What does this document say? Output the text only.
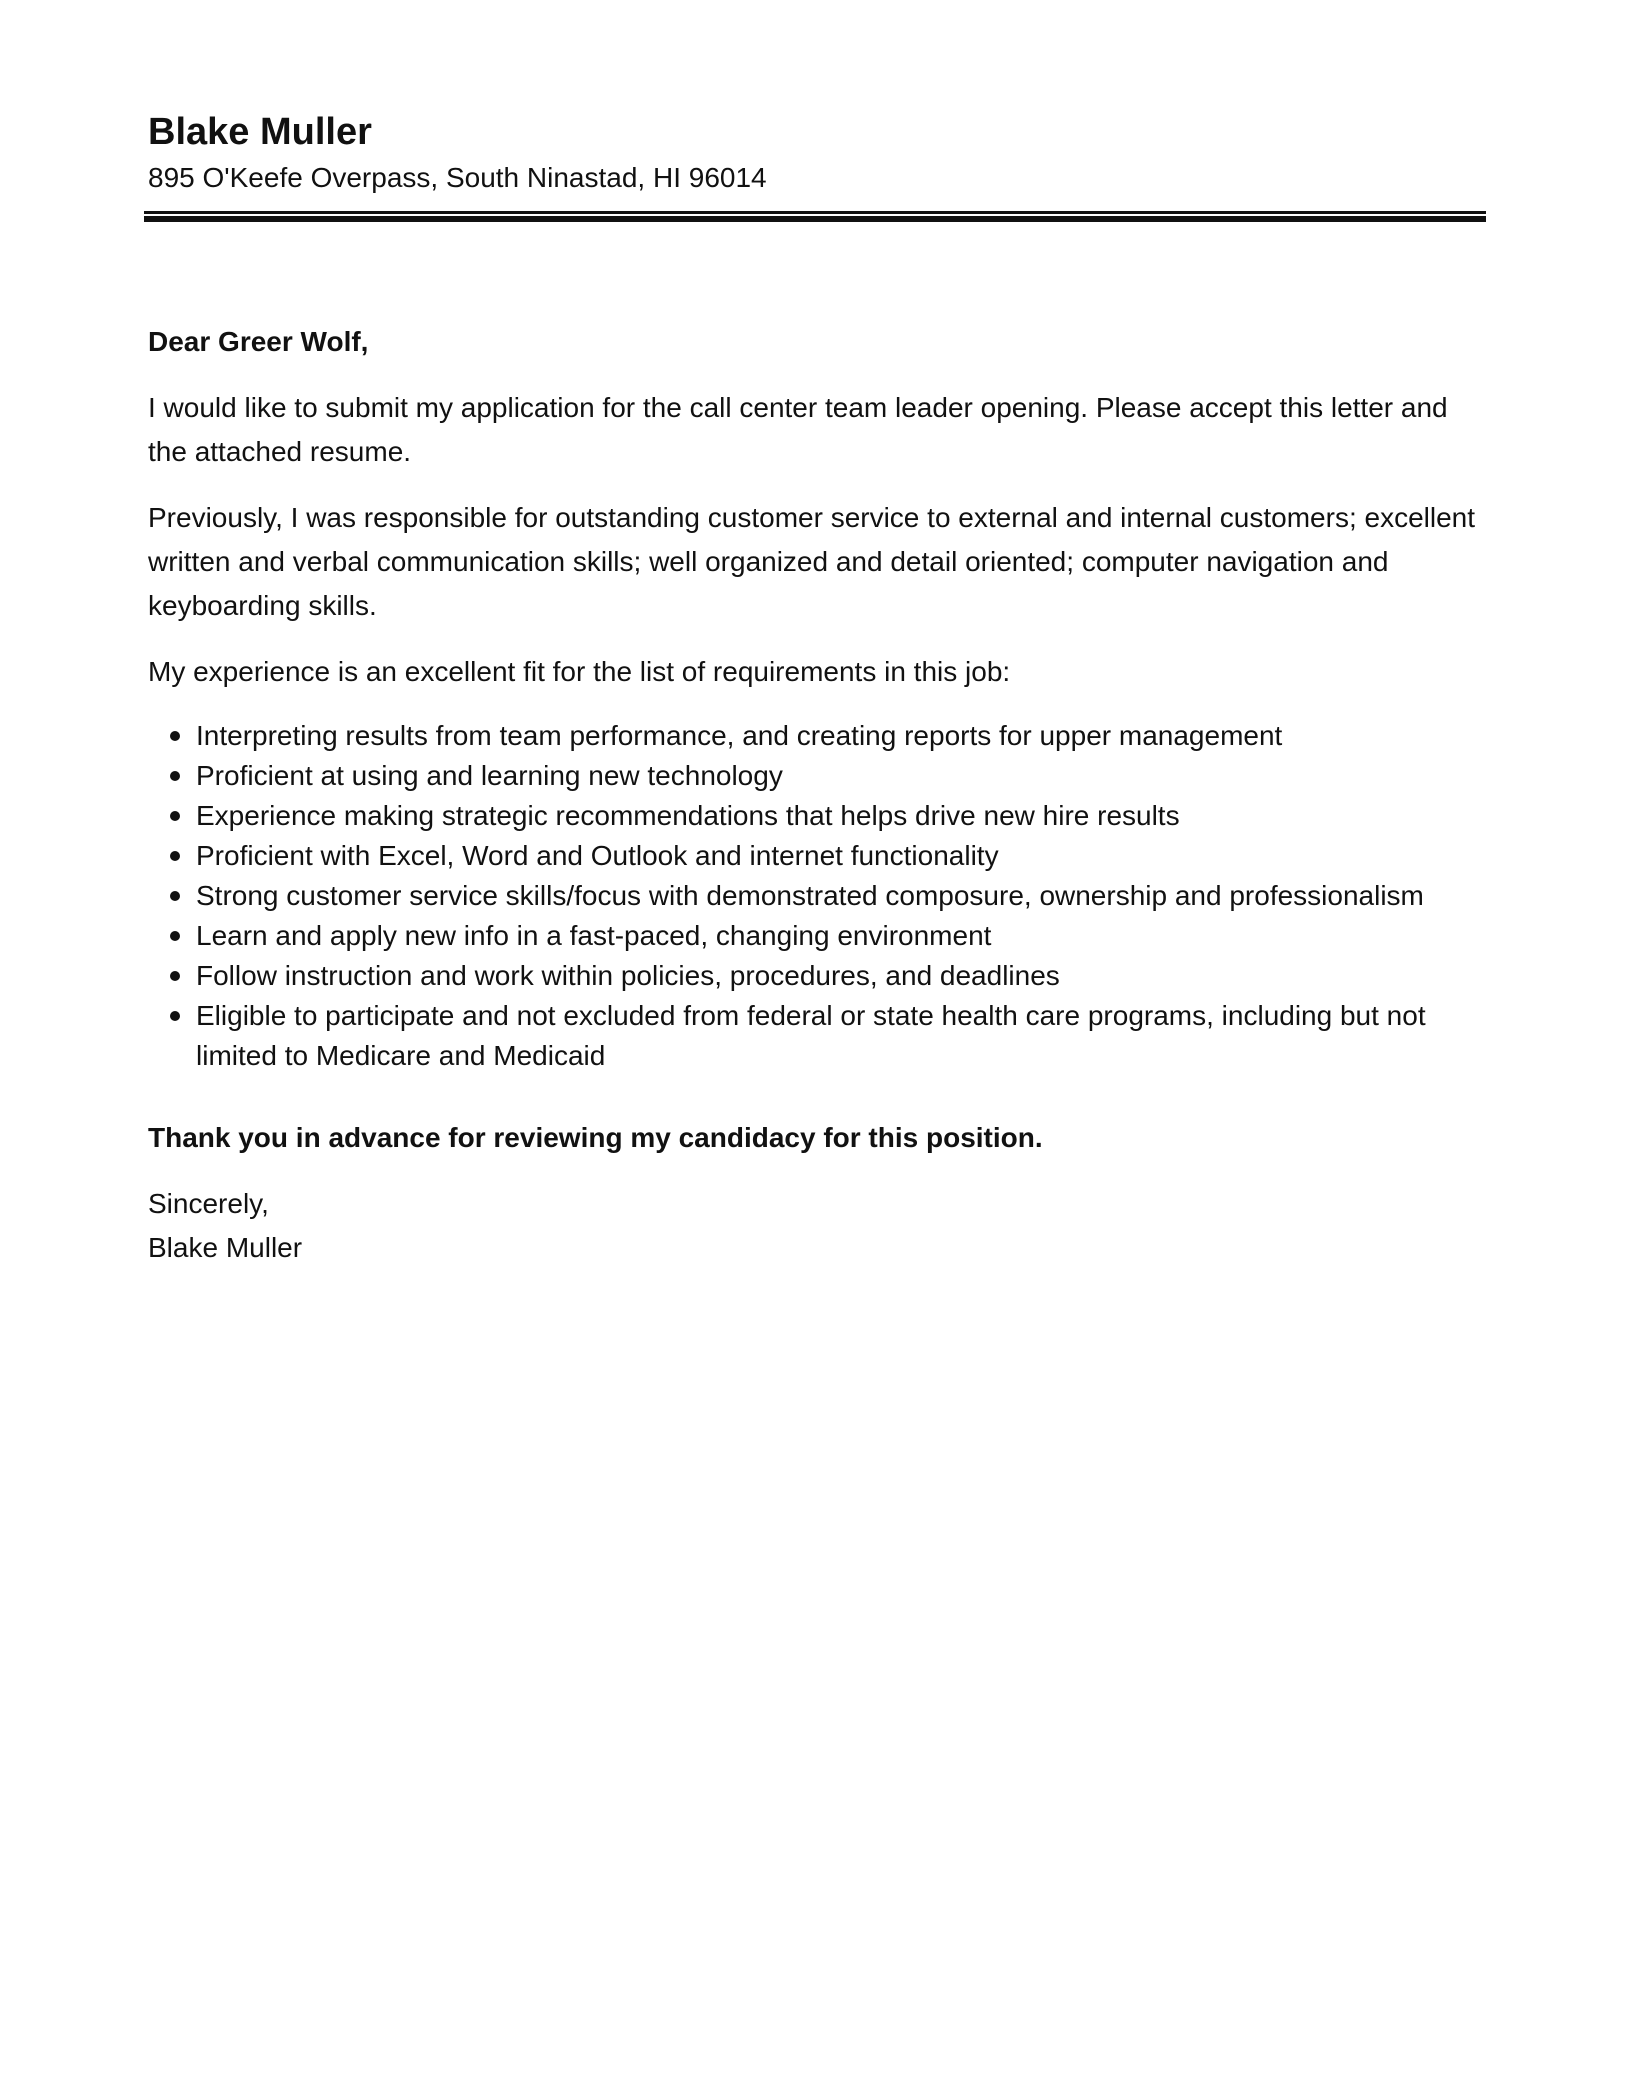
Blake Muller

895 O'Keefe Overpass, South Ninastad, HI 96014

Dear Greer Wolf,

I would like to submit my application for the call center team leader opening. Please accept this letter and the attached resume.

Previously, I was responsible for outstanding customer service to external and internal customers; excellent written and verbal communication skills; well organized and detail oriented; computer navigation and keyboarding skills.

My experience is an excellent fit for the list of requirements in this job:

Interpreting results from team performance, and creating reports for upper management
Proficient at using and learning new technology
Experience making strategic recommendations that helps drive new hire results
Proficient with Excel, Word and Outlook and internet functionality
Strong customer service skills/focus with demonstrated composure, ownership and professionalism
Learn and apply new info in a fast-paced, changing environment
Follow instruction and work within policies, procedures, and deadlines
Eligible to participate and not excluded from federal or state health care programs, including but not limited to Medicare and Medicaid

Thank you in advance for reviewing my candidacy for this position.

Sincerely,

Blake Muller
